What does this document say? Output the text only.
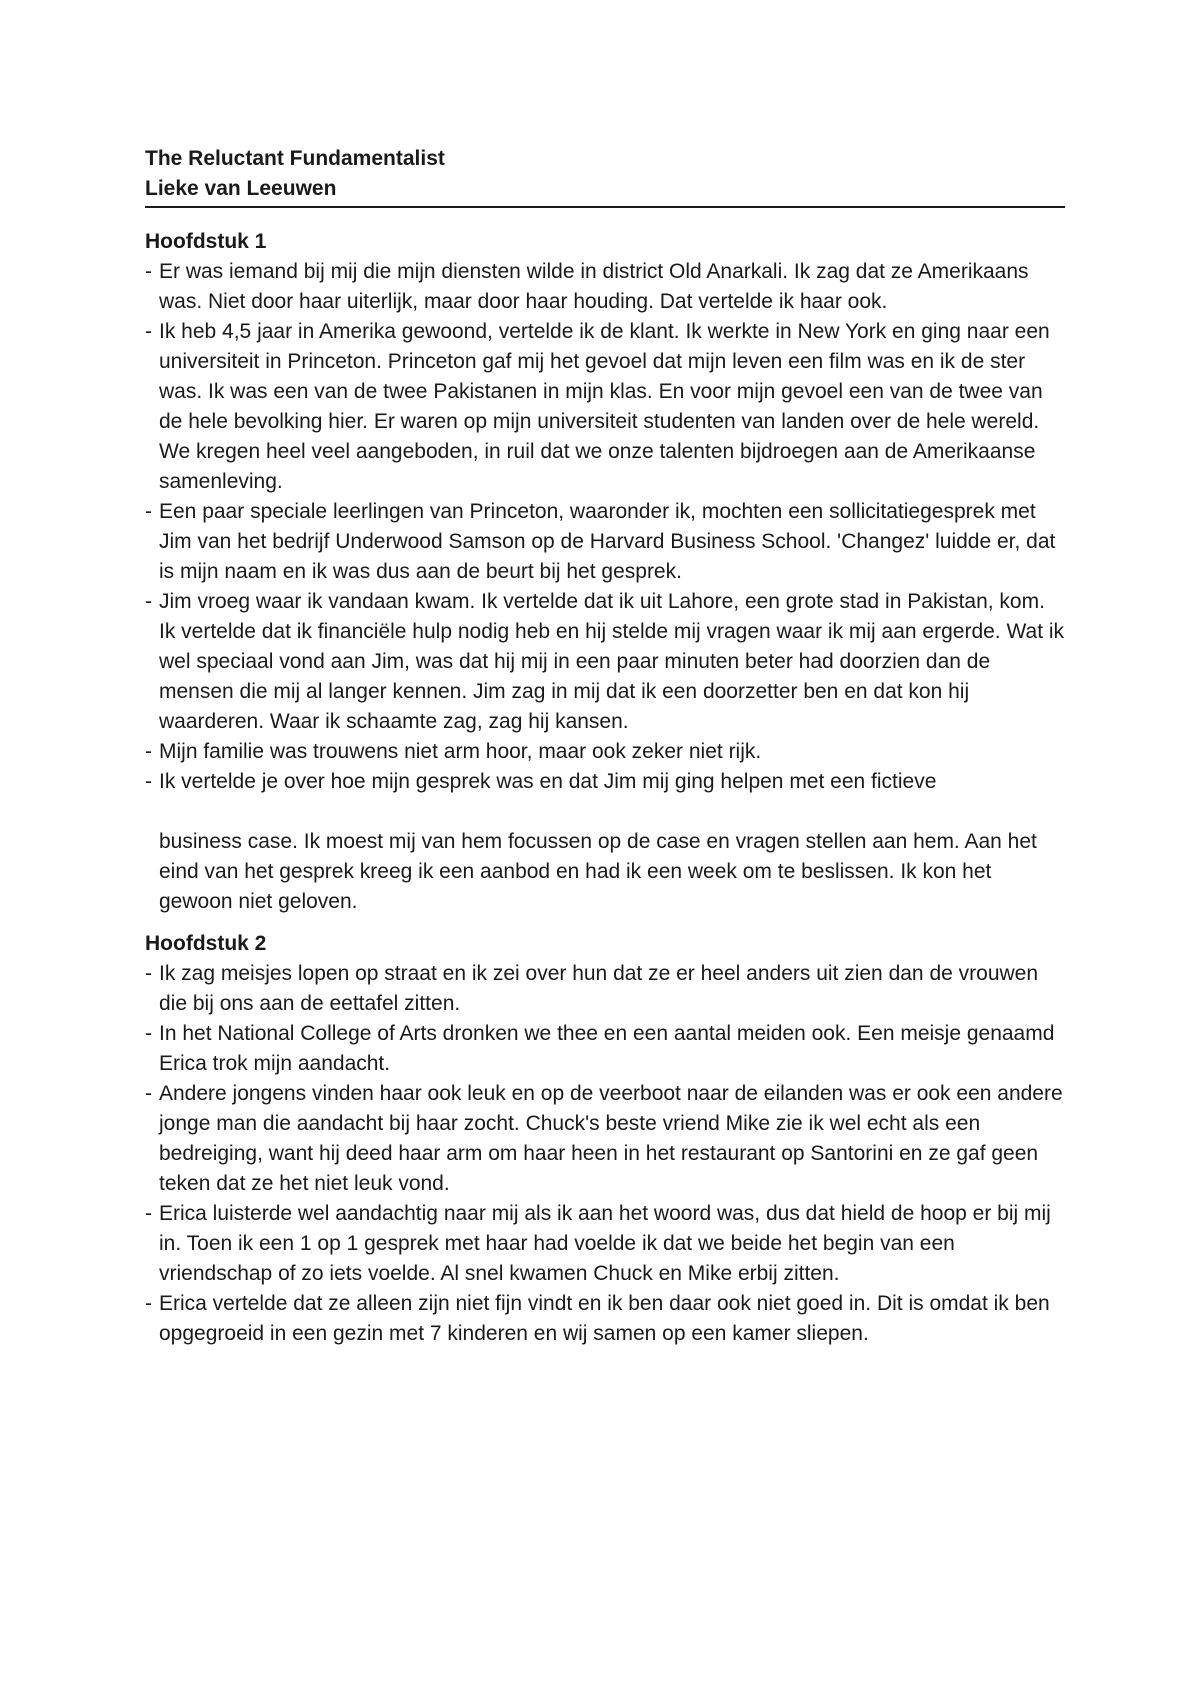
The Reluctant Fundamentalist
Lieke van Leeuwen
Hoofdstuk 1
- Er was iemand bij mij die mijn diensten wilde in district Old Anarkali. Ik zag dat ze Amerikaans was. Niet door haar uiterlijk, maar door haar houding. Dat vertelde ik haar ook.
- Ik heb 4,5 jaar in Amerika gewoond, vertelde ik de klant. Ik werkte in New York en ging naar een universiteit in Princeton. Princeton gaf mij het gevoel dat mijn leven een film was en ik de ster was. Ik was een van de twee Pakistanen in mijn klas. En voor mijn gevoel een van de twee van de hele bevolking hier. Er waren op mijn universiteit studenten van landen over de hele wereld. We kregen heel veel aangeboden, in ruil dat we onze talenten bijdroegen aan de Amerikaanse samenleving.
- Een paar speciale leerlingen van Princeton, waaronder ik, mochten een sollicitatiegesprek met Jim van het bedrijf Underwood Samson op de Harvard Business School. 'Changez' luidde er, dat is mijn naam en ik was dus aan de beurt bij het gesprek.
- Jim vroeg waar ik vandaan kwam. Ik vertelde dat ik uit Lahore, een grote stad in Pakistan, kom. Ik vertelde dat ik financiële hulp nodig heb en hij stelde mij vragen waar ik mij aan ergerde. Wat ik wel speciaal vond aan Jim, was dat hij mij in een paar minuten beter had doorzien dan de mensen die mij al langer kennen. Jim zag in mij dat ik een doorzetter ben en dat kon hij waarderen. Waar ik schaamte zag, zag hij kansen.
- Mijn familie was trouwens niet arm hoor, maar ook zeker niet rijk.
- Ik vertelde je over hoe mijn gesprek was en dat Jim mij ging helpen met een fictieve
business case. Ik moest mij van hem focussen op de case en vragen stellen aan hem. Aan het eind van het gesprek kreeg ik een aanbod en had ik een week om te beslissen. Ik kon het gewoon niet geloven.
Hoofdstuk 2
- Ik zag meisjes lopen op straat en ik zei over hun dat ze er heel anders uit zien dan de vrouwen die bij ons aan de eettafel zitten.
- In het National College of Arts dronken we thee en een aantal meiden ook. Een meisje genaamd Erica trok mijn aandacht.
- Andere jongens vinden haar ook leuk en op de veerboot naar de eilanden was er ook een andere jonge man die aandacht bij haar zocht. Chuck's beste vriend Mike zie ik wel echt als een bedreiging, want hij deed haar arm om haar heen in het restaurant op Santorini en ze gaf geen teken dat ze het niet leuk vond.
- Erica luisterde wel aandachtig naar mij als ik aan het woord was, dus dat hield de hoop er bij mij in. Toen ik een 1 op 1 gesprek met haar had voelde ik dat we beide het begin van een vriendschap of zo iets voelde. Al snel kwamen Chuck en Mike erbij zitten.
- Erica vertelde dat ze alleen zijn niet fijn vindt en ik ben daar ook niet goed in. Dit is omdat ik ben opgegroeid in een gezin met 7 kinderen en wij samen op een kamer sliepen.
